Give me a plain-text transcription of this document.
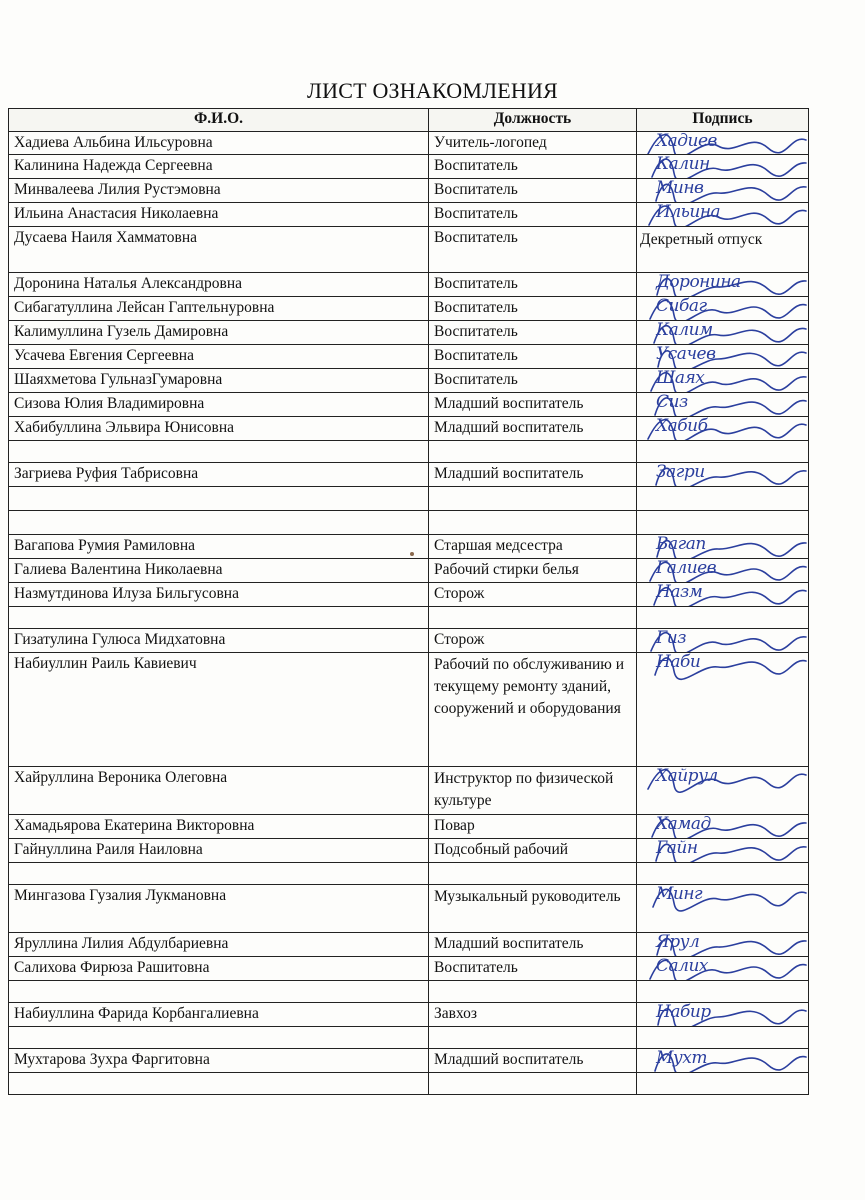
ЛИСТ ОЗНАКОМЛЕНИЯ
Ф.И.О.	Должность	Подпись
Хадиева Альбина Ильсуровна	Учитель-логопед	Хадиев

Калинина Надежда Сергеевна	Воспитатель	Калин

Минвалеева Лилия Рустэмовна	Воспитатель	Минв

Ильина Анастасия Николаевна	Воспитатель	Ильина

Дусаева Наиля Хамматовна	Воспитатель	Декретный отпуск
Доронина Наталья Александровна	Воспитатель	Доронина

Сибагатуллина Лейсан Гаптельнуровна	Воспитатель	Сибаг

Калимуллина Гузель Дамировна	Воспитатель	Калим

Усачева Евгения Сергеевна	Воспитатель	Усачев

Шаяхметова ГульназГумаровна	Воспитатель	Шаях

Сизова Юлия Владимировна	Младший воспитатель	Сиз

Хабибуллина Эльвира Юнисовна	Младший воспитатель	Хабиб

Загриева Руфия Табрисовна	Младший воспитатель	Загри

Вагапова Румия Рамиловна	Старшая медсестра	Вагап

Галиева Валентина Николаевна	Рабочий стирки белья	Галиев

Назмутдинова Илуза Бильгусовна	Сторож	Назм

Гизатулина Гулюса Мидхатовна	Сторож	Гиз

Набиуллин Раиль Кавиевич	Рабочий по обслуживанию и текущему ремонту зданий, сооружений и оборудования	Наби

Хайруллина Вероника Олеговна	Инструктор по физической культуре	Хайрул

Хамадьярова Екатерина Викторовна	Повар	Хамад

Гайнуллина Раиля Наиловна	Подсобный рабочий	Гайн

Мингазова Гузалия Лукмановна	Музыкальный руководитель	Минг

Яруллина Лилия Абдулбариевна	Младший воспитатель	Ярул

Салихова Фирюза Рашитовна	Воспитатель	Салих

Набиуллина Фарида Корбангалиевна	Завхоз	Набир

Мухтарова Зухра Фаргитовна	Младший воспитатель	Мухт
